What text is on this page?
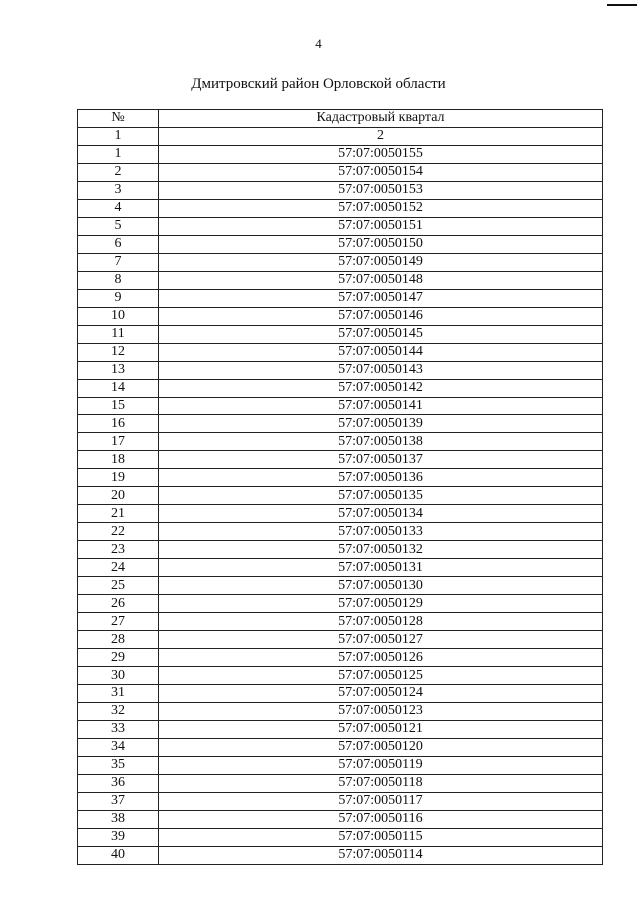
4
Дмитровский район Орловской области
№	Кадастровый квартал
1	2
1	57:07:0050155
2	57:07:0050154
3	57:07:0050153
4	57:07:0050152
5	57:07:0050151
6	57:07:0050150
7	57:07:0050149
8	57:07:0050148
9	57:07:0050147
10	57:07:0050146
11	57:07:0050145
12	57:07:0050144
13	57:07:0050143
14	57:07:0050142
15	57:07:0050141
16	57:07:0050139
17	57:07:0050138
18	57:07:0050137
19	57:07:0050136
20	57:07:0050135
21	57:07:0050134
22	57:07:0050133
23	57:07:0050132
24	57:07:0050131
25	57:07:0050130
26	57:07:0050129
27	57:07:0050128
28	57:07:0050127
29	57:07:0050126
30	57:07:0050125
31	57:07:0050124
32	57:07:0050123
33	57:07:0050121
34	57:07:0050120
35	57:07:0050119
36	57:07:0050118
37	57:07:0050117
38	57:07:0050116
39	57:07:0050115
40	57:07:0050114
